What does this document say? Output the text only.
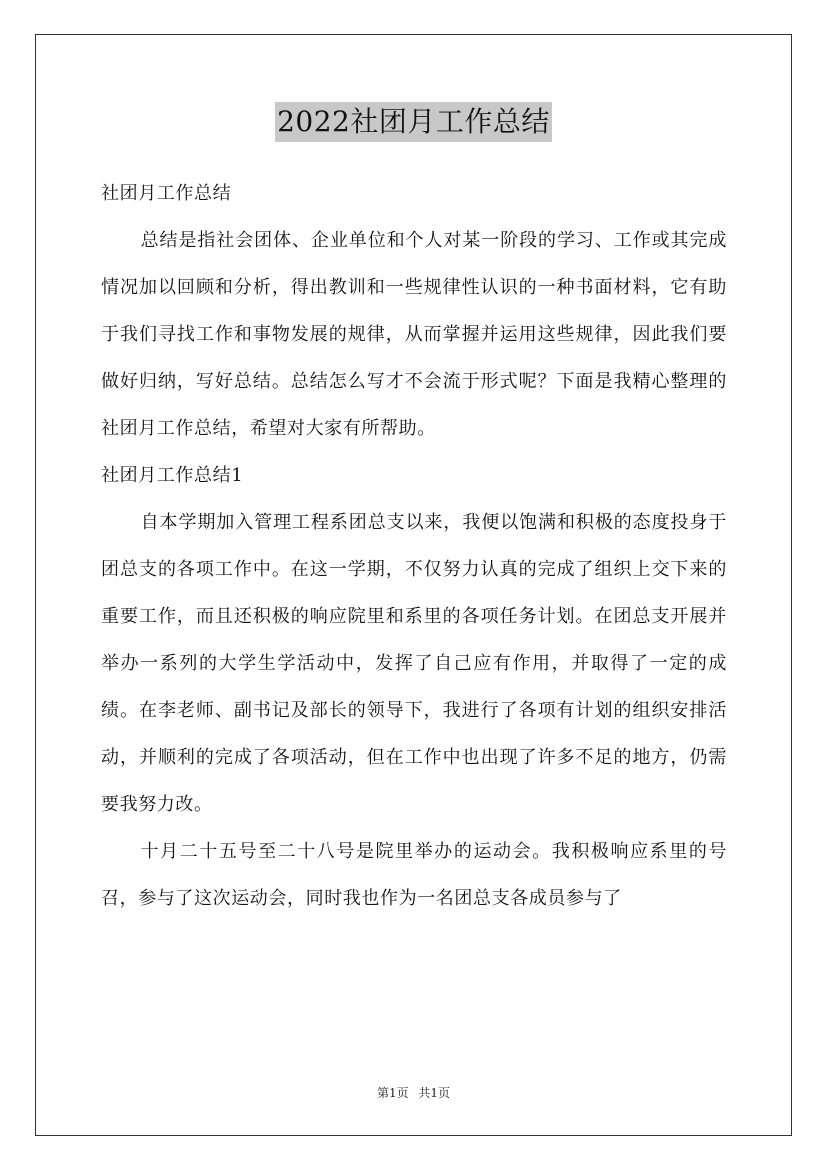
2022社团月工作总结

社团月工作总结

总结是指社会团体、企业单位和个人对某一阶段的学习、工作或其完成情况加以回顾和分析，得出教训和一些规律性认识的一种书面材料，它有助于我们寻找工作和事物发展的规律，从而掌握并运用这些规律，因此我们要做好归纳，写好总结。总结怎么写才不会流于形式呢？下面是我精心整理的社团月工作总结，希望对大家有所帮助。

社团月工作总结1

自本学期加入管理工程系团总支以来，我便以饱满和积极的态度投身于团总支的各项工作中。在这一学期，不仅努力认真的完成了组织上交下来的重要工作，而且还积极的响应院里和系里的各项任务计划。在团总支开展并举办一系列的大学生学活动中，发挥了自己应有作用，并取得了一定的成绩。在李老师、副书记及部长的领导下，我进行了各项有计划的组织安排活动，并顺利的完成了各项活动，但在工作中也出现了许多不足的地方，仍需要我努力改。

十月二十五号至二十八号是院里举办的运动会。我积极响应系里的号召，参与了这次运动会，同时我也作为一名团总支各成员参与了

第1页 共1页
